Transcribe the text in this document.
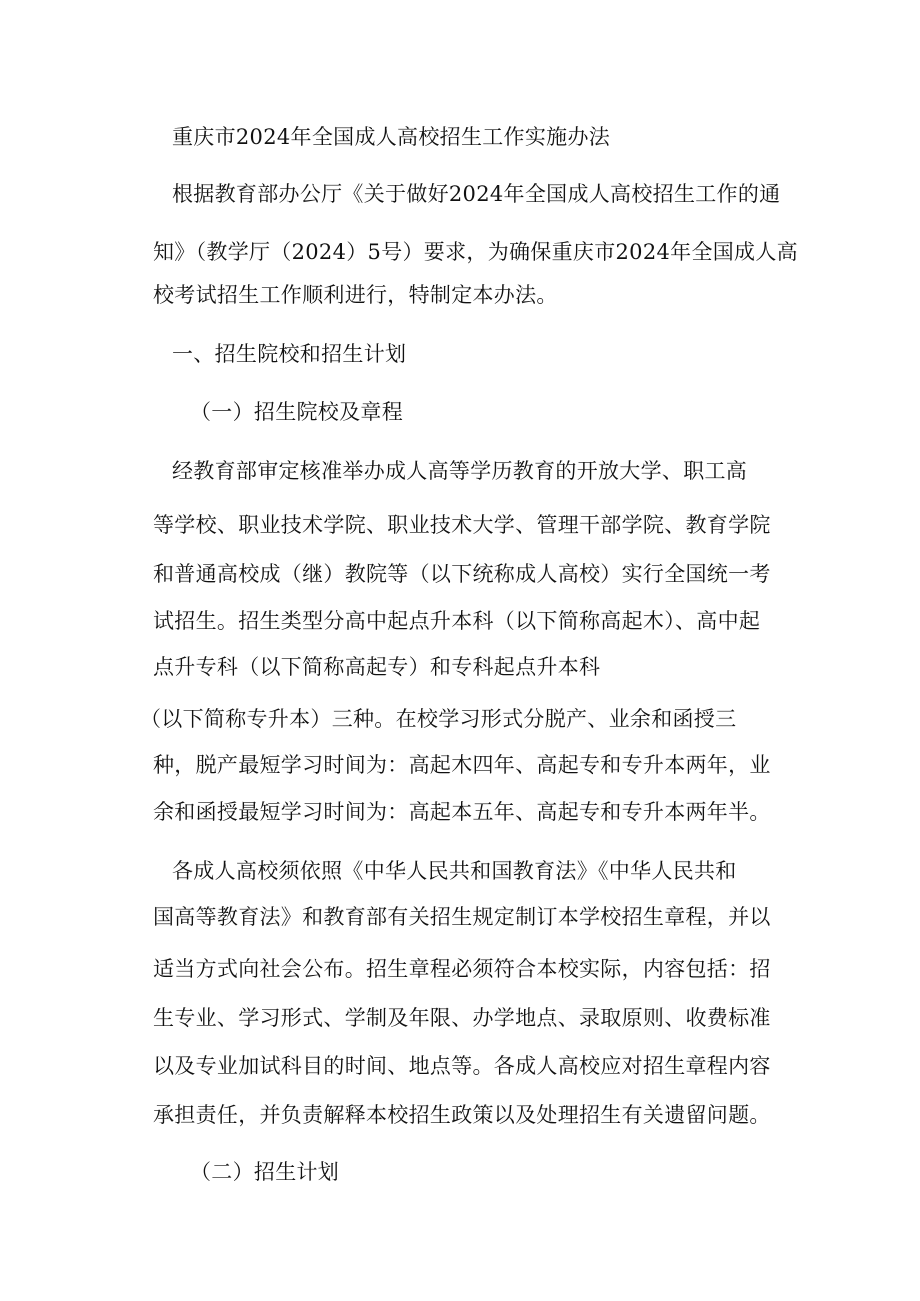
重庆市2024年全国成人高校招生工作实施办法
根据教育部办公厅《关于做好2024年全国成人高校招生工作的通
知》（教学厅（2024）5号）要求，为确保重庆市2024年全国成人高
校考试招生工作顺利进行，特制定本办法。
一、招生院校和招生计划
（一）招生院校及章程
经教育部审定核准举办成人高等学历教育的开放大学、职工高
等学校、职业技术学院、职业技术大学、管理干部学院、教育学院
和普通高校成（继）教院等（以下统称成人高校）实行全国统一考
试招生。招生类型分高中起点升本科（以下简称高起木）、高中起
点升专科（以下简称高起专）和专科起点升本科
（以下简称专升本）三种。在校学习形式分脱产、业余和函授三
种，脱产最短学习时间为：高起木四年、高起专和专升本两年，业
余和函授最短学习时间为：高起本五年、高起专和专升本两年半。
各成人高校须依照《中华人民共和国教育法》《中华人民共和
国高等教育法》和教育部有关招生规定制订本学校招生章程，并以
适当方式向社会公布。招生章程必须符合本校实际，内容包括：招
生专业、学习形式、学制及年限、办学地点、录取原则、收费标准
以及专业加试科目的时间、地点等。各成人高校应对招生章程内容
承担责任，并负责解释本校招生政策以及处理招生有关遗留问题。
（二）招生计划
